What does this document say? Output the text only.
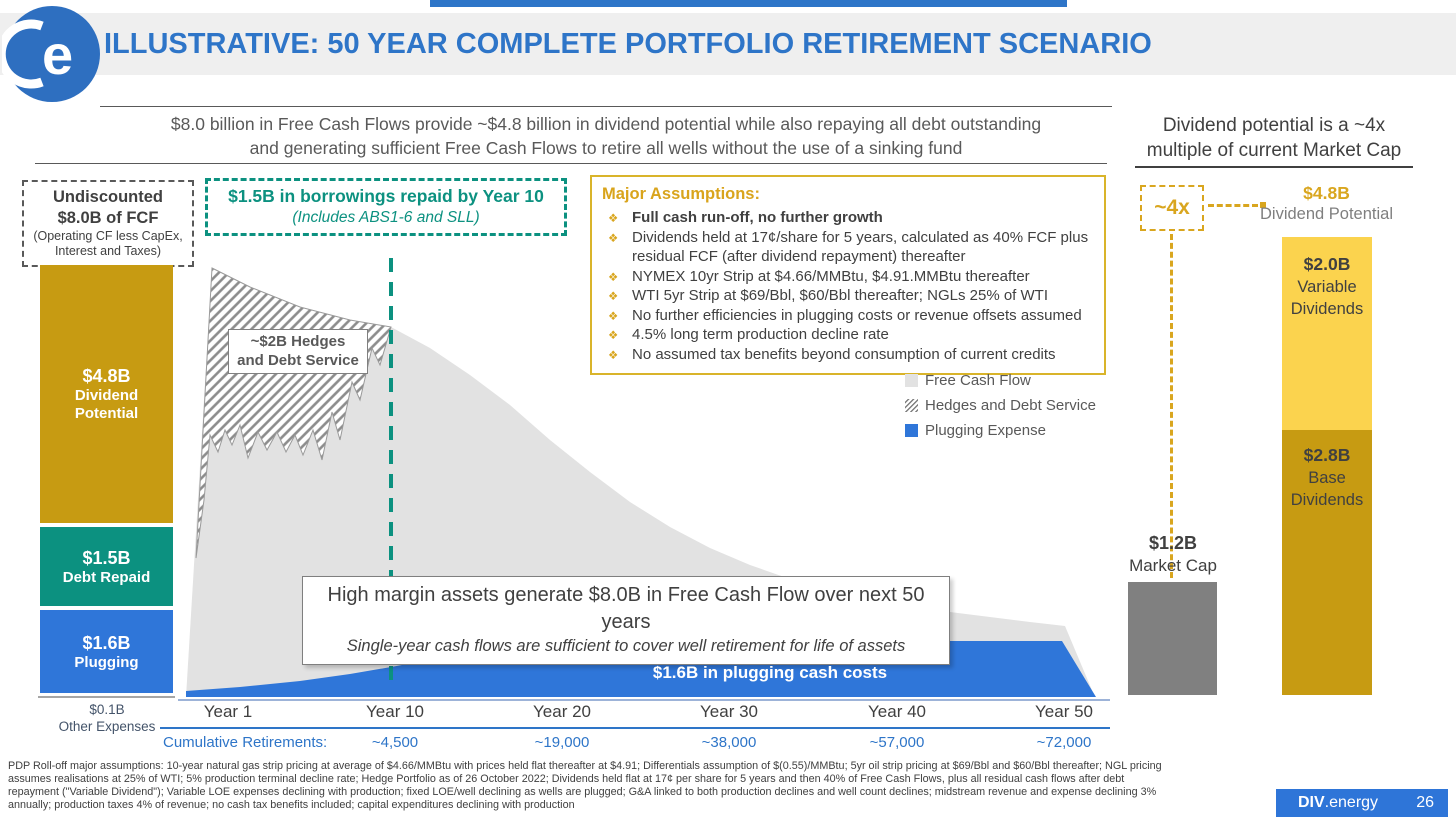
ILLUSTRATIVE: 50 YEAR COMPLETE PORTFOLIO RETIREMENT SCENARIO
e
$8.0 billion in Free Cash Flows provide ~$4.8 billion in dividend potential while also repaying all debt outstanding
and generating sufficient Free Cash Flows to retire all wells without the use of a sinking fund
Dividend potential is a ~4x
multiple of current Market Cap
Undiscounted
$8.0B of FCF
(Operating CF less CapEx,
Interest and Taxes)
$4.8B
Dividend
Potential
$1.5B
Debt Repaid
$1.6B
Plugging
$0.1B
Other Expenses
$1.5B in borrowings repaid by Year 10
(Includes ABS1-6 and SLL)
Major Assumptions:
❖ Full cash run-off, no further growth
❖ Dividends held at 17¢/share for 5 years, calculated as 40% FCF plus residual FCF (after dividend repayment) thereafter
❖ NYMEX 10yr Strip at $4.66/MMBtu, $4.91.MMBtu thereafter
❖ WTI 5yr Strip at $69/Bbl, $60/Bbl thereafter; NGLs 25% of WTI
❖ No further efficiencies in plugging costs or revenue offsets assumed
❖ 4.5% long term production decline rate
❖ No assumed tax benefits beyond consumption of current credits
Free Cash Flow
Hedges and Debt Service
Plugging Expense
~$2B Hedges
and Debt Service
High margin assets generate $8.0B in Free Cash Flow over next 50 years
Single-year cash flows are sufficient to cover well retirement for life of assets
$1.6B in plugging cash costs
Year 1	Year 10	Year 20	Year 30	Year 40	Year 50
Cumulative Retirements:	~4,500	~19,000	~38,000	~57,000	~72,000
~4x
$4.8B
Dividend Potential
$2.0B
Variable
Dividends
$2.8B
Base
Dividends
$1.2B
Market Cap
PDP Roll-off major assumptions: 10-year natural gas strip pricing at average of $4.66/MMBtu with prices held flat thereafter at $4.91; Differentials assumption of $(0.55)/MMBtu; 5yr oil strip pricing at $69/Bbl and $60/Bbl thereafter; NGL pricing assumes realisations at 25% of WTI; 5% production terminal decline rate; Hedge Portfolio as of 26 October 2022; Dividends held flat at 17¢ per share for 5 years and then 40% of Free Cash Flows, plus all residual cash flows after debt repayment ("Variable Dividend"); Variable LOE expenses declining with production; fixed LOE/well declining as wells are plugged; G&A linked to both production declines and well count declines; midstream revenue and expense declining 3% annually; production taxes 4% of revenue; no cash tax benefits included; capital expenditures declining with production	DIV .energy 26
